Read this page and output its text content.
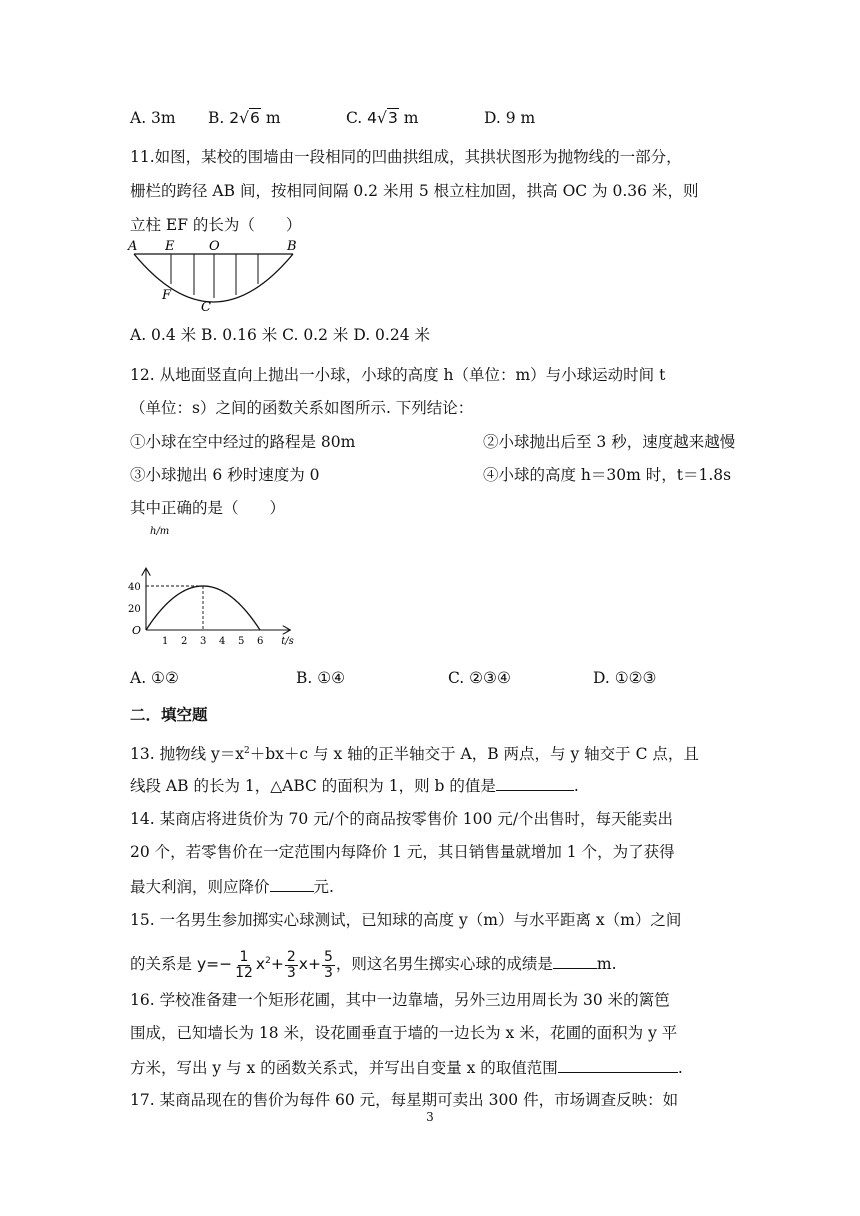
A. 3m B. 2√6 m	C. 4√3 m	D. 9 m
11.如图，某校的围墙由一段相同的凹曲拱组成，其拱状图形为抛物线的一部分，
栅栏的跨径 AB 间，按相同间隔 0.2 米用 5 根立柱加固，拱高 OC 为 0.36 米，则
立柱 EF 的长为（　　）
A E	O	B
F
C
A. 0.4 米 B. 0.16 米 C. 0.2 米 D. 0.24 米
12. 从地面竖直向上抛出一小球，小球的高度 h（单位：m）与小球运动时间 t
（单位：s）之间的函数关系如图所示. 下列结论：
①小球在空中经过的路程是 80m	②小球抛出后至 3 秒，速度越来越慢
③小球抛出 6 秒时速度为 0	④小球的高度 h＝30m 时，t＝1.8s
其中正确的是（　　）
h/m
t/s
O
1 2 3 4 5 6
20
40
A. ①②	B. ①④	C. ②③④	D. ①②③
二．填空题
13. 抛物线 $y=x^2+bx+c$ 与 x 轴的正半轴交于 A，B 两点，与 y 轴交于 C 点，且
线段 AB 的长为 1，△ABC 的面积为 1，则 b 的值是	.
14. 某商店将进货价为 70 元/个的商品按零售价 100 元/个出售时，每天能卖出
20 个，若零售价在一定范围内每降价 1 元，其日销售量就增加 1 个，为了获得
最大利润，则应降价	元.
15. 一名男生参加掷实心球测试，已知球的高度 y（m）与水平距离 x（m）之间
的关系是 $y=- \frac{1}{12} x^2+ \frac{2}{3} x+ \frac{5}{3}$ ，则这名男生掷实心球的成绩是	m.
16. 学校准备建一个矩形花圃，其中一边靠墙，另外三边用周长为 30 米的篱笆
围成，已知墙长为 18 米，设花圃垂直于墙的一边长为 x 米，花圃的面积为 y 平
方米，写出 y 与 x 的函数关系式，并写出自变量 x 的取值范围	.
17. 某商品现在的售价为每件 60 元，每星期可卖出 300 件，市场调查反映：如
3
